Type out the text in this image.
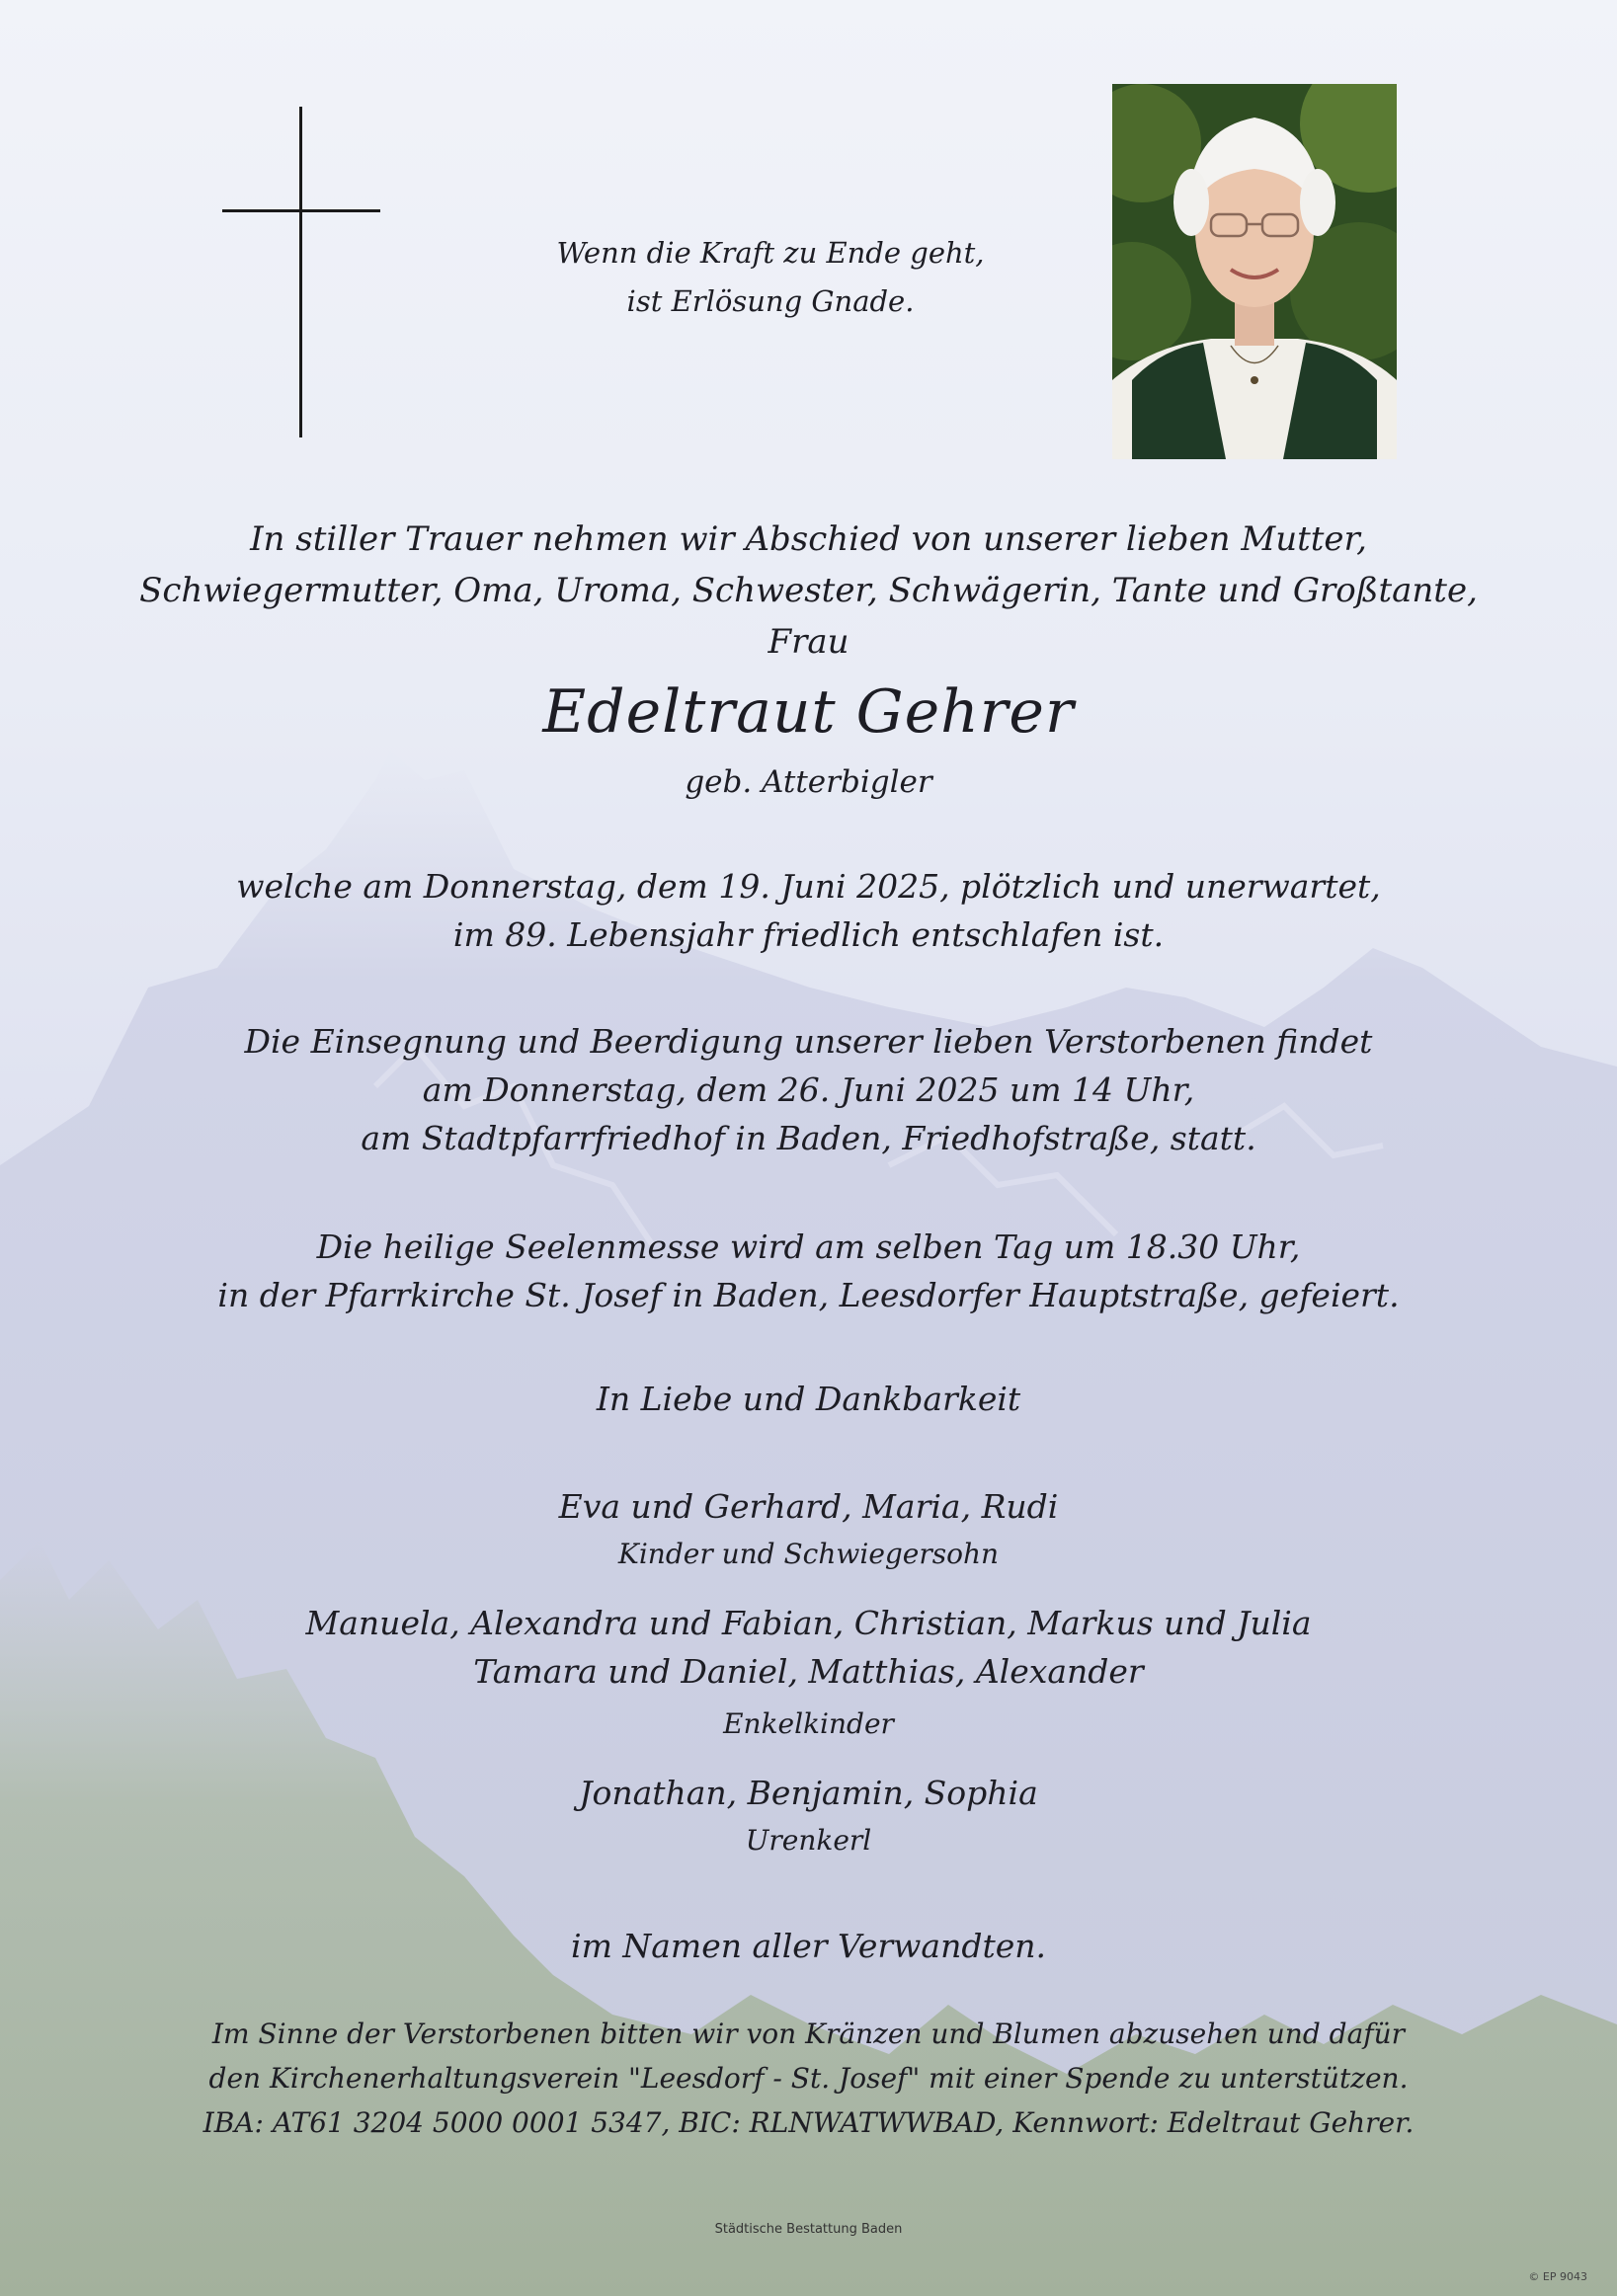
Wenn die Kraft zu Ende geht,
ist Erlösung Gnade.
In stiller Trauer nehmen wir Abschied von unserer lieben Mutter,
Schwiegermutter, Oma, Uroma, Schwester, Schwägerin, Tante und Großtante, Frau
Edeltraut Gehrer
geb. Atterbigler
welche am Donnerstag, dem 19. Juni 2025, plötzlich und unerwartet,
im 89. Lebensjahr friedlich entschlafen ist.
Die Einsegnung und Beerdigung unserer lieben Verstorbenen findet
am Donnerstag, dem 26. Juni 2025 um 14 Uhr,
am Stadtpfarrfriedhof in Baden, Friedhofstraße, statt.
Die heilige Seelenmesse wird am selben Tag um 18.30 Uhr,
in der Pfarrkirche St. Josef in Baden, Leesdorfer Hauptstraße, gefeiert.
In Liebe und Dankbarkeit
Eva und Gerhard, Maria, Rudi
Kinder und Schwiegersohn
Manuela, Alexandra und Fabian, Christian, Markus und Julia
Tamara und Daniel, Matthias, Alexander
Enkelkinder
Jonathan, Benjamin, Sophia
Urenkerl
im Namen aller Verwandten.
Im Sinne der Verstorbenen bitten wir von Kränzen und Blumen abzusehen und dafür
den Kirchenerhaltungsverein "Leesdorf - St. Josef" mit einer Spende zu unterstützen.
IBA: AT61 3204 5000 0001 5347, BIC: RLNWATWWBAD, Kennwort: Edeltraut Gehrer.
Städtische Bestattung Baden
© EP 9043
